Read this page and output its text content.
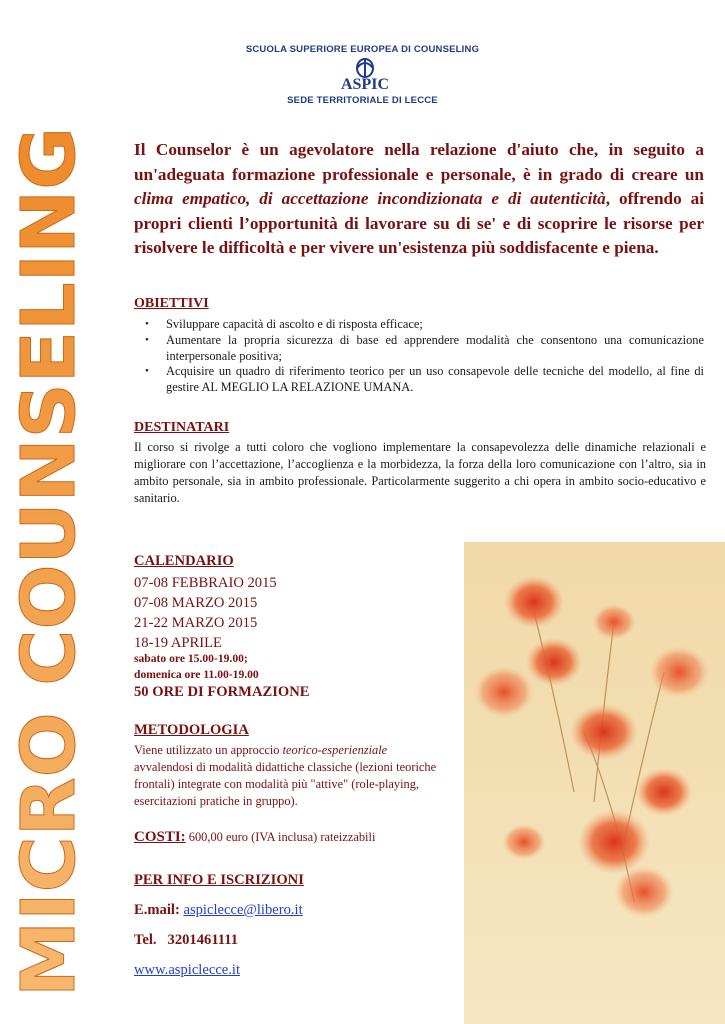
SCUOLA SUPERIORE EUROPEA DI COUNSELING
ASPIC
SEDE TERRITORIALE DI LECCE
MICRO COUNSELING
Il Counselor è un agevolatore nella relazione d'aiuto che, in seguito a un'adeguata formazione professionale e personale, è in grado di creare un clima empatico, di accettazione incondizionata e di autenticità, offrendo ai propri clienti l’opportunità di lavorare su di se' e di scoprire le risorse per risolvere le difficoltà e per vivere un'esistenza più soddisfacente e piena.
OBIETTIVI
• Sviluppare capacità di ascolto e di risposta efficace;
• Aumentare la propria sicurezza di base ed apprendere modalità che consentono una comunicazione interpersonale positiva;
• Acquisire un quadro di riferimento teorico per un uso consapevole delle tecniche del modello, al fine di gestire AL MEGLIO LA RELAZIONE UMANA.
DESTINATARI

Il corso si rivolge a tutti coloro che vogliono implementare la consapevolezza delle dinamiche relazionali e migliorare con l’accettazione, l’accoglienza e la morbidezza, la forza della loro comunicazione con l’altro, sia in ambito personale, sia in ambito professionale. Particolarmente suggerito a chi opera in ambito socio-educativo e sanitario.

CALENDARIO
07-08 FEBBRAIO 2015
07-08 MARZO 2015
21-22 MARZO 2015
18-19 APRILE
sabato ore 15.00-19.00;
domenica ore 11.00-19.00
50 ORE DI FORMAZIONE
METODOLOGIA

Viene utilizzato un approccio teorico-esperienziale avvalendosi di modalità didattiche classiche (lezioni teoriche frontali) integrate con modalità più "attive" (role-playing, esercitazioni pratiche in gruppo).

COSTI: 600,00 euro (IVA inclusa) rateizzabili
PER INFO E ISCRIZIONI
E.mail: aspiclecce@libero.it
Tel.   3201461111
www.aspiclecce.it
